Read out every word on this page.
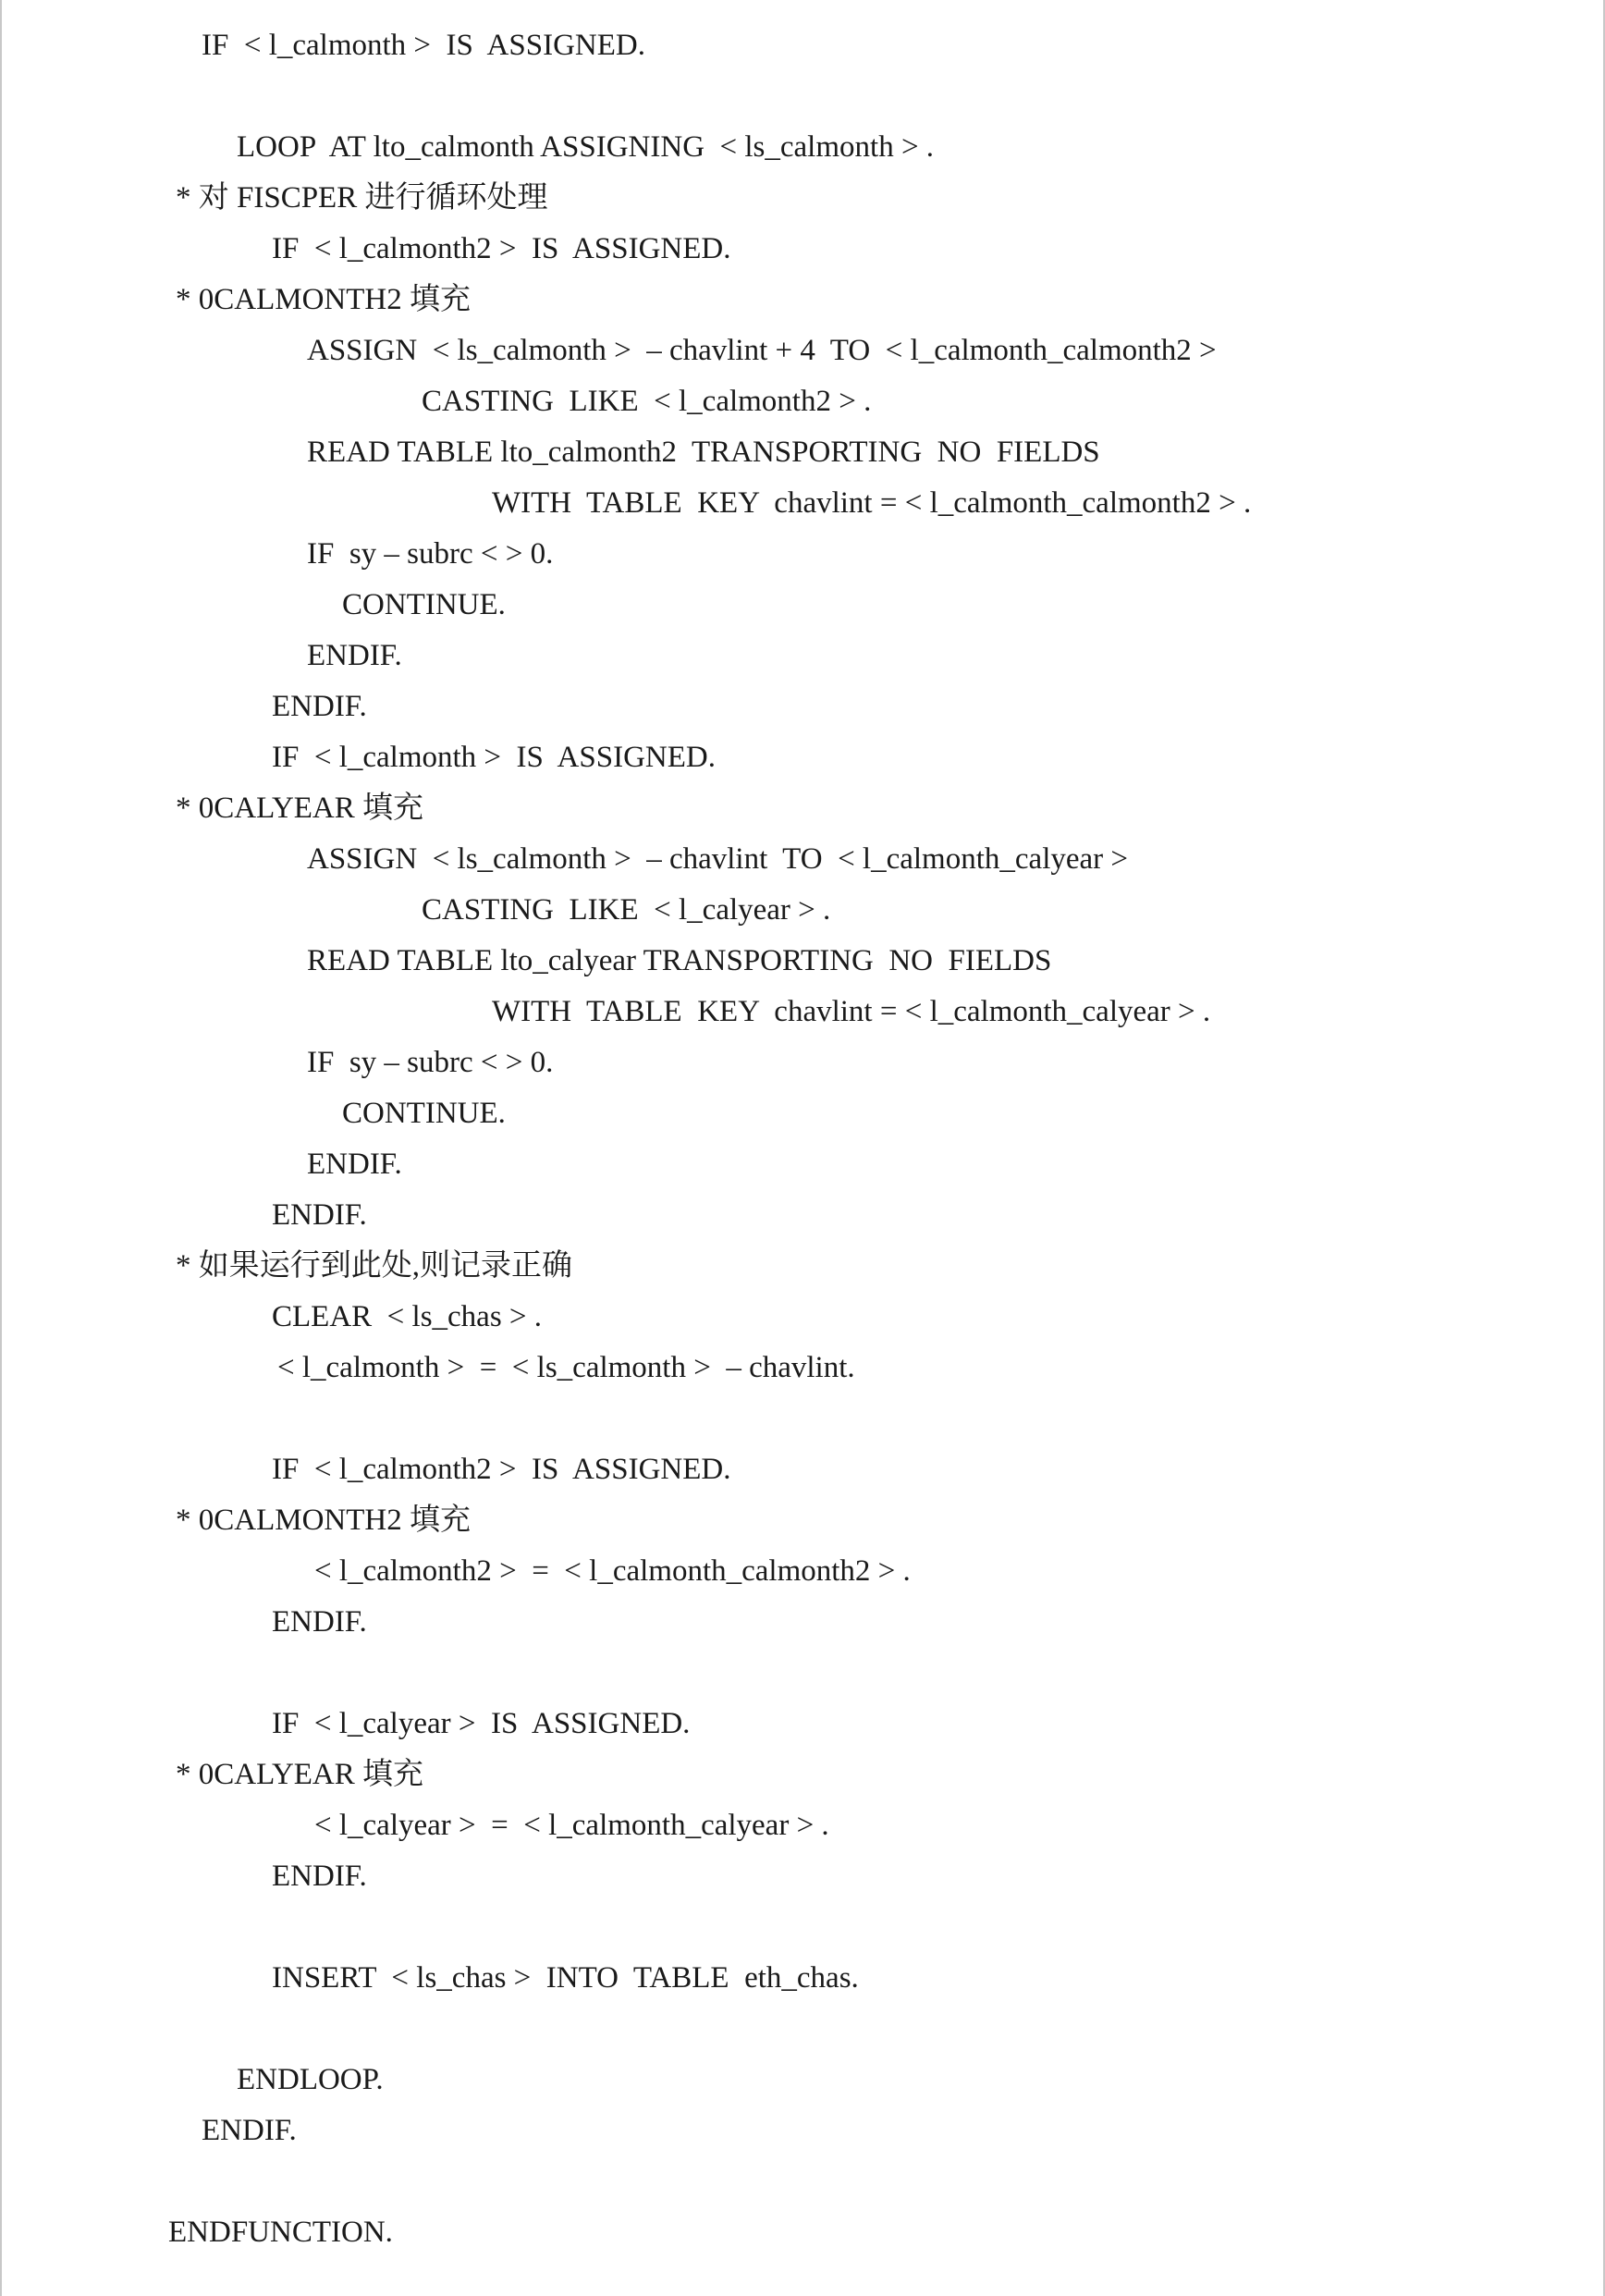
IF  < l_calmonth >  IS  ASSIGNED.
LOOP  AT lto_calmonth ASSIGNING  < ls_calmonth > .
* 对 FISCPER 进行循环处理
IF  < l_calmonth2 >  IS  ASSIGNED.
* 0CALMONTH2 填充
ASSIGN  < ls_calmonth >  – chavlint + 4  TO  < l_calmonth_calmonth2 >
CASTING  LIKE  < l_calmonth2 > .
READ TABLE lto_calmonth2  TRANSPORTING  NO  FIELDS
WITH  TABLE  KEY  chavlint = < l_calmonth_calmonth2 > .
IF  sy – subrc < > 0.
CONTINUE.
ENDIF.
ENDIF.
IF  < l_calmonth >  IS  ASSIGNED.
* 0CALYEAR 填充
ASSIGN  < ls_calmonth >  – chavlint  TO  < l_calmonth_calyear >
CASTING  LIKE  < l_calyear > .
READ TABLE lto_calyear TRANSPORTING  NO  FIELDS
WITH  TABLE  KEY  chavlint = < l_calmonth_calyear > .
IF  sy – subrc < > 0.
CONTINUE.
ENDIF.
ENDIF.
* 如果运行到此处,则记录正确
CLEAR  < ls_chas > .
< l_calmonth >  =  < ls_calmonth >  – chavlint.
IF  < l_calmonth2 >  IS  ASSIGNED.
* 0CALMONTH2 填充
< l_calmonth2 >  =  < l_calmonth_calmonth2 > .
ENDIF.
IF  < l_calyear >  IS  ASSIGNED.
* 0CALYEAR 填充
< l_calyear >  =  < l_calmonth_calyear > .
ENDIF.
INSERT  < ls_chas >  INTO  TABLE  eth_chas.
ENDLOOP.
ENDIF.
ENDFUNCTION.
